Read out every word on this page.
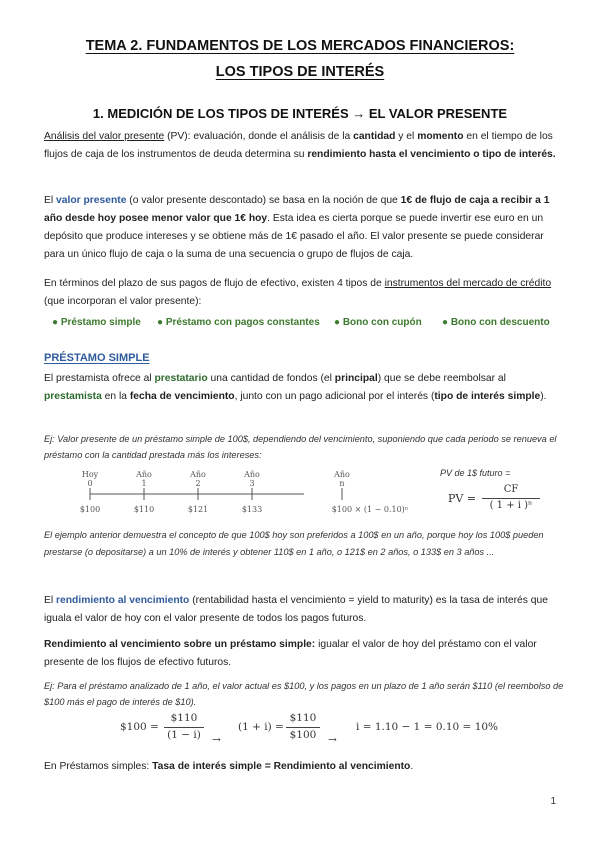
TEMA 2. FUNDAMENTOS DE LOS MERCADOS FINANCIEROS:
LOS TIPOS DE INTERÉS
1. MEDICIÓN DE LOS TIPOS DE INTERÉS → EL VALOR PRESENTE
Análisis del valor presente (PV): evaluación, donde el análisis de la cantidad y el momento en el tiempo de los flujos de caja de los instrumentos de deuda determina su rendimiento hasta el vencimiento o tipo de interés.
El valor presente (o valor presente descontado) se basa en la noción de que 1€ de flujo de caja a recibir a 1 año desde hoy posee menor valor que 1€ hoy. Esta idea es cierta porque se puede invertir ese euro en un depósito que produce intereses y se obtiene más de 1€ pasado el año. El valor presente se puede considerar para un único flujo de caja o la suma de una secuencia o grupo de flujos de caja.
En términos del plazo de sus pagos de flujo de efectivo, existen 4 tipos de instrumentos del mercado de crédito (que incorporan el valor presente):
● Préstamo simple ● Préstamo con pagos constantes ● Bono con cupón ● Bono con descuento
PRÉSTAMO SIMPLE
El prestamista ofrece al prestatario una cantidad de fondos (el principal) que se debe reembolsar al prestamista en la fecha de vencimiento, junto con un pago adicional por el interés (tipo de interés simple).
Ej: Valor presente de un préstamo simple de 100$, dependiendo del vencimiento, suponiendo que cada periodo se renueva el préstamo con la cantidad prestada más los intereses:
Hoy	Año	Año	Año	Año
0	1	2	3	n
$100	$110	$121	$133	$100 × (1 − 0.10)ⁿ
PV de 1$ futuro =
PV =
CF
( 1 + i )ⁿ
El ejemplo anterior demuestra el concepto de que 100$ hoy son preferidos a 100$ en un año, porque hoy los 100$ pueden prestarse (o depositarse) a un 10% de interés y obtener 110$ en 1 año, o 121$ en 2 años, o 133$ en 3 años ...
El rendimiento al vencimiento (rentabilidad hasta el vencimiento = yield to maturity) es la tasa de interés que iguala el valor de hoy con el valor presente de todos los pagos futuros.
Rendimiento al vencimiento sobre un préstamo simple: igualar el valor de hoy del préstamo con el valor presente de los flujos de efectivo futuros.
Ej: Para el préstamo analizado de 1 año, el valor actual es $100, y los pagos en un plazo de 1 año serán $110 (el reembolso de $100 más el pago de interés de $10).
$100 =
$110
(1 − i) →
(1 + i) =
$110
$100	→
i = 1.10 − 1 = 0.10 = 10%
En Préstamos simples: Tasa de interés simple = Rendimiento al vencimiento.
1
